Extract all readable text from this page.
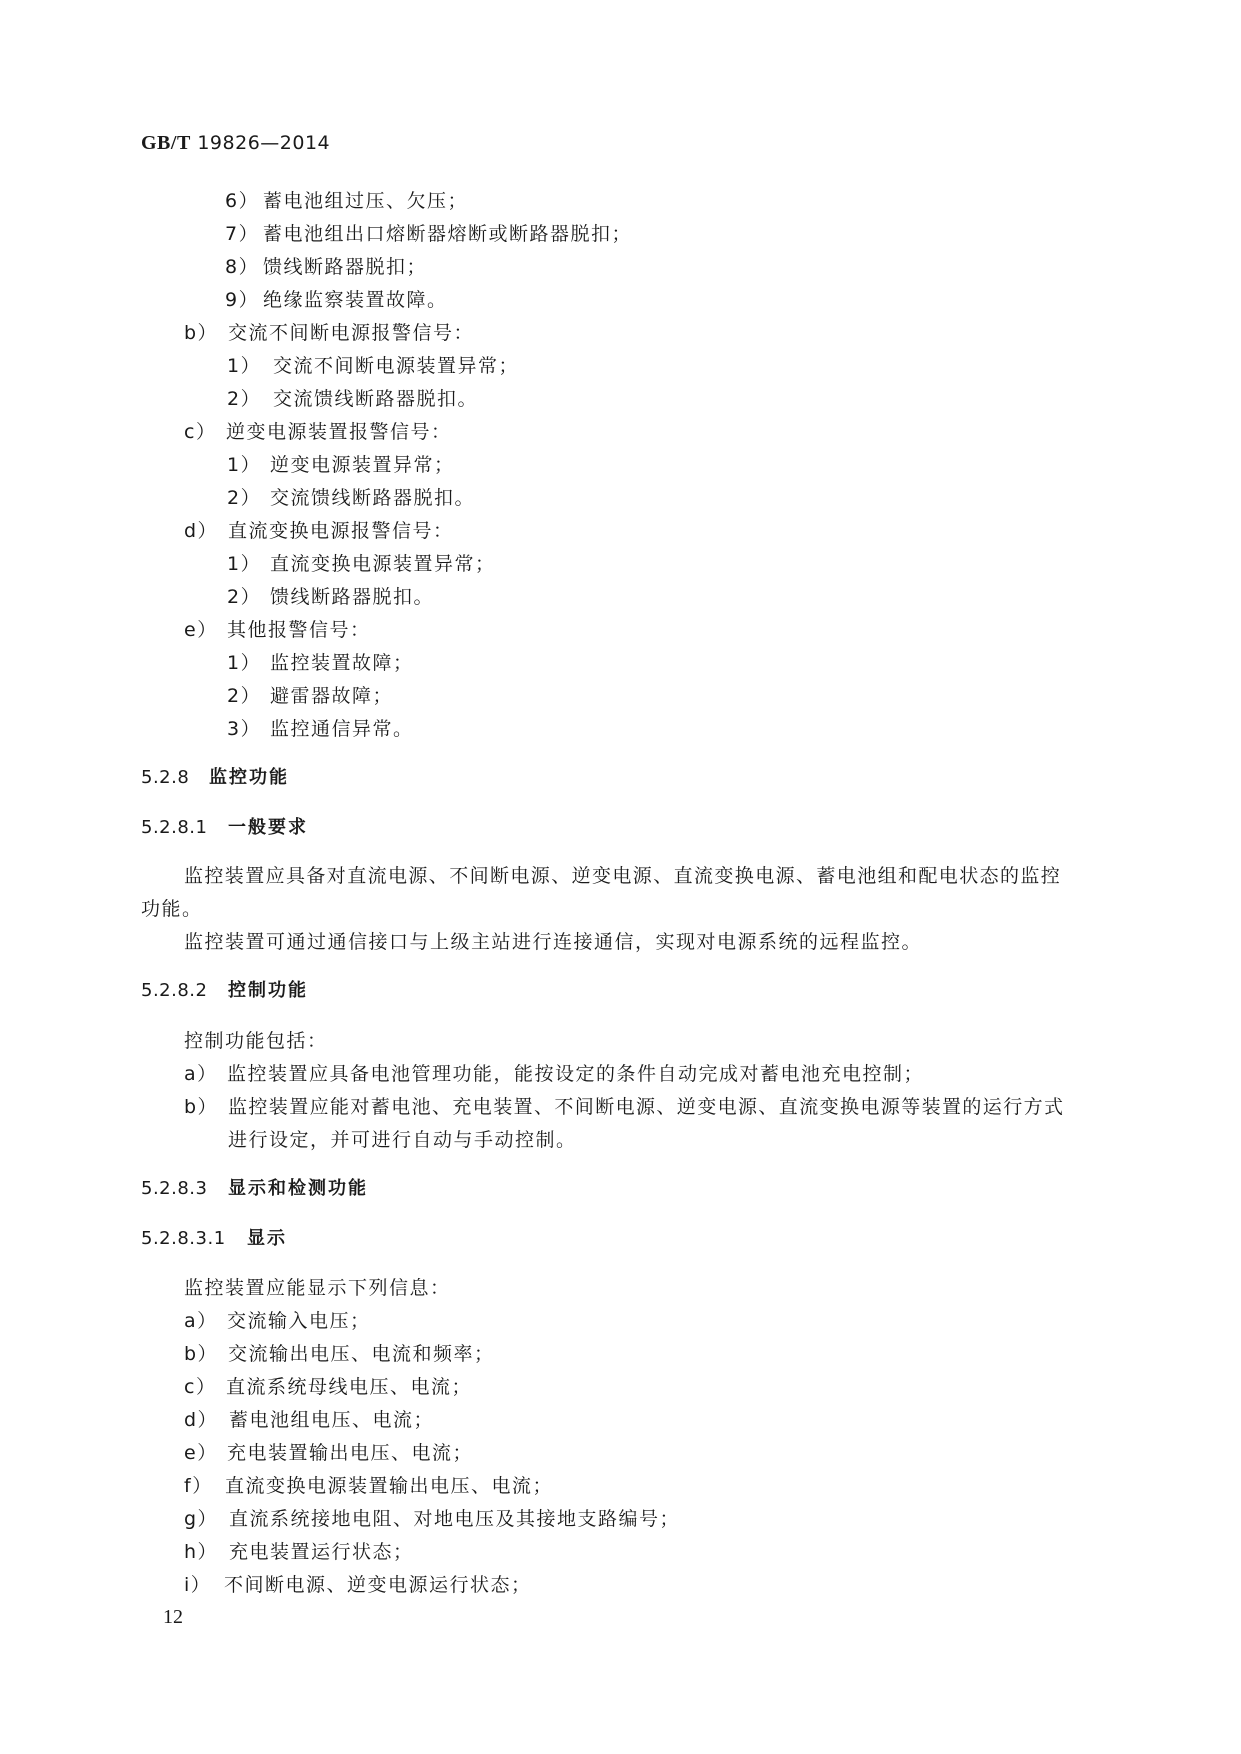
GB/T 19826—2014
6） 蓄电池组过压、欠压；
7） 蓄电池组出口熔断器熔断或断路器脱扣；
8） 馈线断路器脱扣；
9） 绝缘监察装置故障。
b） 交流不间断电源报警信号：
1） 交流不间断电源装置异常；
2） 交流馈线断路器脱扣。
c） 逆变电源装置报警信号：
1） 逆变电源装置异常；
2） 交流馈线断路器脱扣。
d） 直流变换电源报警信号：
1） 直流变换电源装置异常；
2） 馈线断路器脱扣。
e） 其他报警信号：
1） 监控装置故障；
2） 避雷器故障；
3） 监控通信异常。
5.2.8 监控功能
5.2.8.1 一般要求
监控装置应具备对直流电源、不间断电源、逆变电源、直流变换电源、蓄电池组和配电状态的监控
功能。
监控装置可通过通信接口与上级主站进行连接通信，实现对电源系统的远程监控。
5.2.8.2 控制功能
控制功能包括：
a） 监控装置应具备电池管理功能，能按设定的条件自动完成对蓄电池充电控制；
b） 监控装置应能对蓄电池、充电装置、不间断电源、逆变电源、直流变换电源等装置的运行方式
进行设定，并可进行自动与手动控制。
5.2.8.3 显示和检测功能
5.2.8.3.1 显示
监控装置应能显示下列信息：
a） 交流输入电压；
b） 交流输出电压、电流和频率；
c） 直流系统母线电压、电流；
d） 蓄电池组电压、电流；
e） 充电装置输出电压、电流；
f） 直流变换电源装置输出电压、电流；
g） 直流系统接地电阻、对地电压及其接地支路编号；
h） 充电装置运行状态；
i） 不间断电源、逆变电源运行状态；
12
